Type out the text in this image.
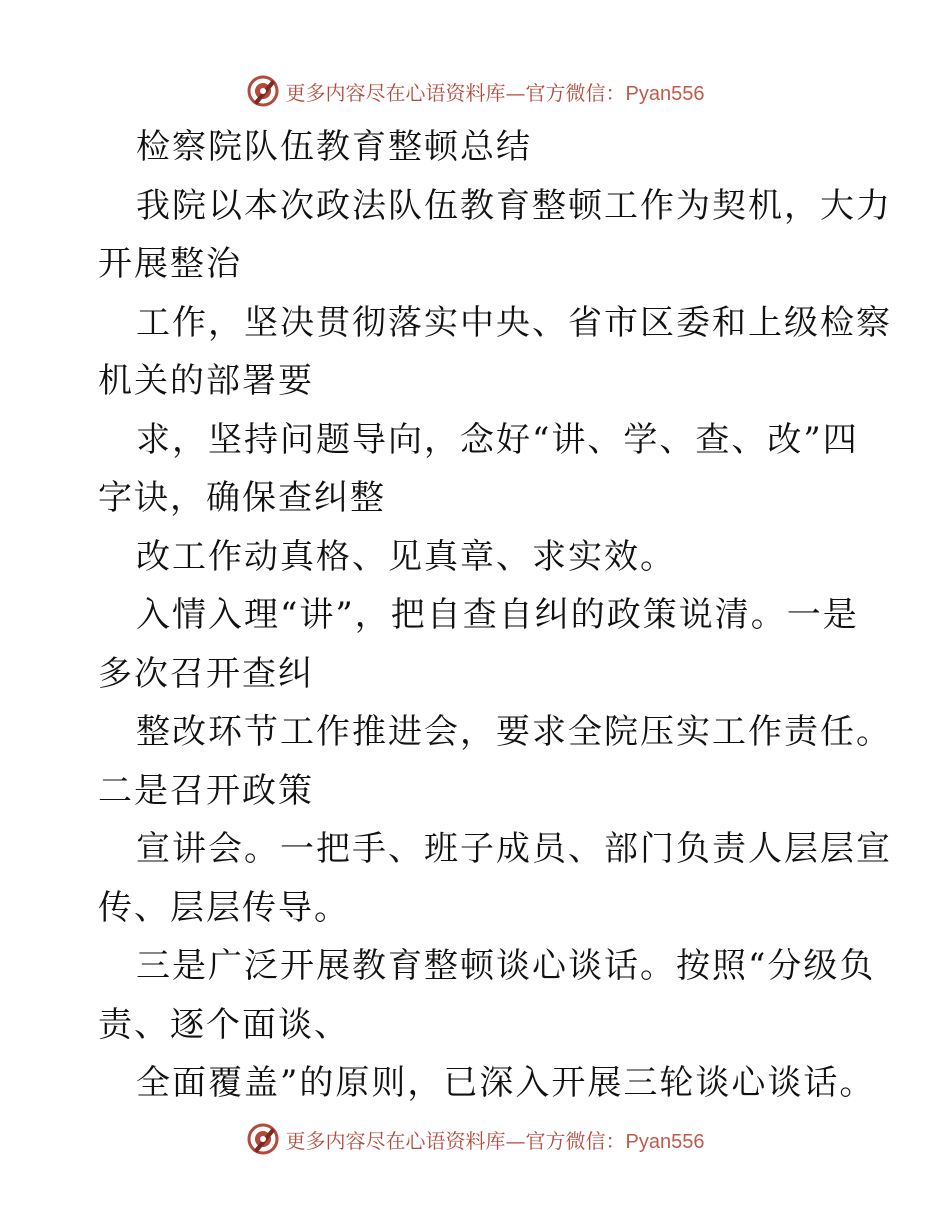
更多内容尽在心语资料库—官方微信：Pyan556
检察院队伍教育整顿总结
我院以本次政法队伍教育整顿工作为契机，大力
开展整治
工作，坚决贯彻落实中央、省市区委和上级检察
机关的部署要
求，坚持问题导向，念好“讲、学、查、改”四
字诀，确保查纠整
改工作动真格、见真章、求实效。
入情入理“讲”，把自查自纠的政策说清。一是
多次召开查纠
整改环节工作推进会，要求全院压实工作责任。
二是召开政策
宣讲会。一把手、班子成员、部门负责人层层宣
传、层层传导。
三是广泛开展教育整顿谈心谈话。按照“分级负
责、逐个面谈、
全面覆盖”的原则，已深入开展三轮谈心谈话。
更多内容尽在心语资料库—官方微信：Pyan556
